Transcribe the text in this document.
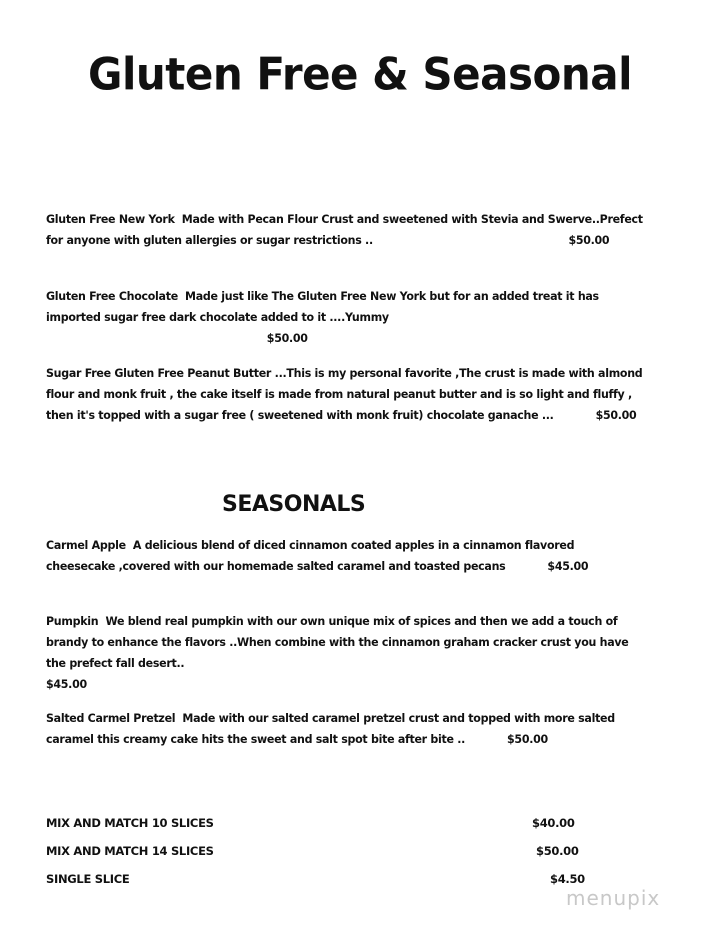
Gluten Free & Seasonal
Gluten Free New York Made with Pecan Flour Crust and sweetened with Stevia and Swerve..Prefect for anyone with gluten allergies or sugar restrictions ..	$50.00
Gluten Free Chocolate Made just like The Gluten Free New York but for an added treat it has imported sugar free dark chocolate added to it ....Yummy $50.00
Sugar Free Gluten Free Peanut Butter ...This is my personal favorite ,The crust is made with almond flour and monk fruit , the cake itself is made from natural peanut butter and is so light and fluffy , then it's topped with a sugar free ( sweetened with monk fruit) chocolate ganache ...	$50.00
SEASONALS
Carmel Apple A delicious blend of diced cinnamon coated apples in a cinnamon flavored cheesecake ,covered with our homemade salted caramel and toasted pecans	$45.00
Pumpkin We blend real pumpkin with our own unique mix of spices and then we add a touch of brandy to enhance the flavors ..When combine with the cinnamon graham cracker crust you have the prefect fall desert..
$45.00
Salted Carmel Pretzel Made with our salted caramel pretzel crust and topped with more salted caramel this creamy cake hits the sweet and salt spot bite after bite ..	$50.00
MIX AND MATCH 10 SLICES	$40.00
MIX AND MATCH 14 SLICES	$50.00
SINGLE SLICE	$4.50
menupix
